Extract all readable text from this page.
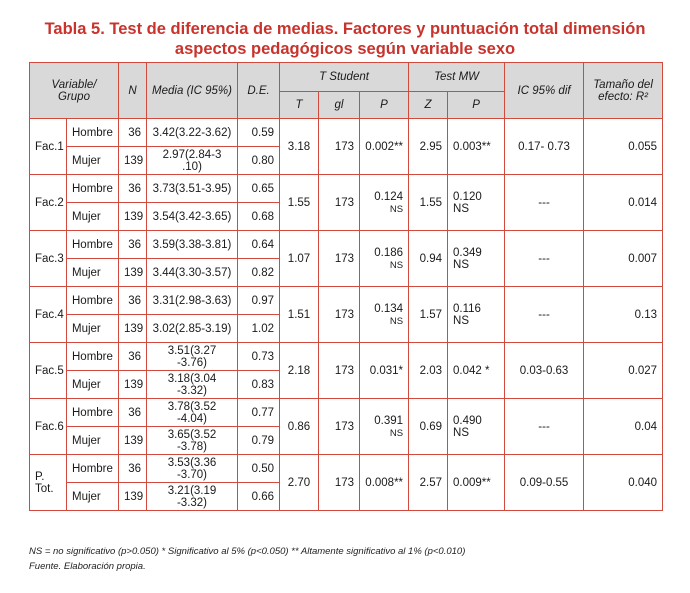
Tabla 5. Test de diferencia de medias. Factores y puntuación total dimensión
aspectos pedagógicos según variable sexo
Variable/ Grupo		N	Media (IC 95%)	D.E.	T Student			Test MW		IC 95% dif	Tamaño del efecto: R²
					T	gl	P	Z	P		
Fac.1	Hombre	36	3.42(3.22-3.62)	0.59	3.18	173	0.002**	2.95	0.003**	0.17- 0.73	0.055
	Mujer	139	2.97(2.84-3 .10)	0.80							
Fac.2	Hombre	36	3.73(3.51-3.95)	0.65	1.55	173	0.124 NS	1.55	0.120 NS	---	0.014
	Mujer	139	3.54(3.42-3.65)	0.68							
Fac.3	Hombre	36	3.59(3.38-3.81)	0.64	1.07	173	0.186 NS	0.94	0.349 NS	---	0.007
	Mujer	139	3.44(3.30-3.57)	0.82							
Fac.4	Hombre	36	3.31(2.98-3.63)	0.97	1.51	173	0.134 NS	1.57	0.116 NS	---	0.13
	Mujer	139	3.02(2.85-3.19)	1.02							
Fac.5	Hombre	36	3.51(3.27 -3.76)	0.73	2.18	173	0.031*	2.03	0.042 *	0.03-0.63	0.027
	Mujer	139	3.18(3.04 -3.32)	0.83							
Fac.6	Hombre	36	3.78(3.52 -4.04)	0.77	0.86	173	0.391 NS	0.69	0.490 NS	---	0.04
	Mujer	139	3.65(3.52 -3.78)	0.79							
P. Tot.	Hombre	36	3.53(3.36 -3.70)	0.50	2.70	173	0.008**	2.57	0.009**	0.09-0.55	0.040
	Mujer	139	3.21(3.19 -3.32)	0.66							
NS = no significativo (p>0.050) * Significativo al 5% (p<0.050) ** Altamente significativo al 1% (p<0.010)
Fuente. Elaboración propia.
